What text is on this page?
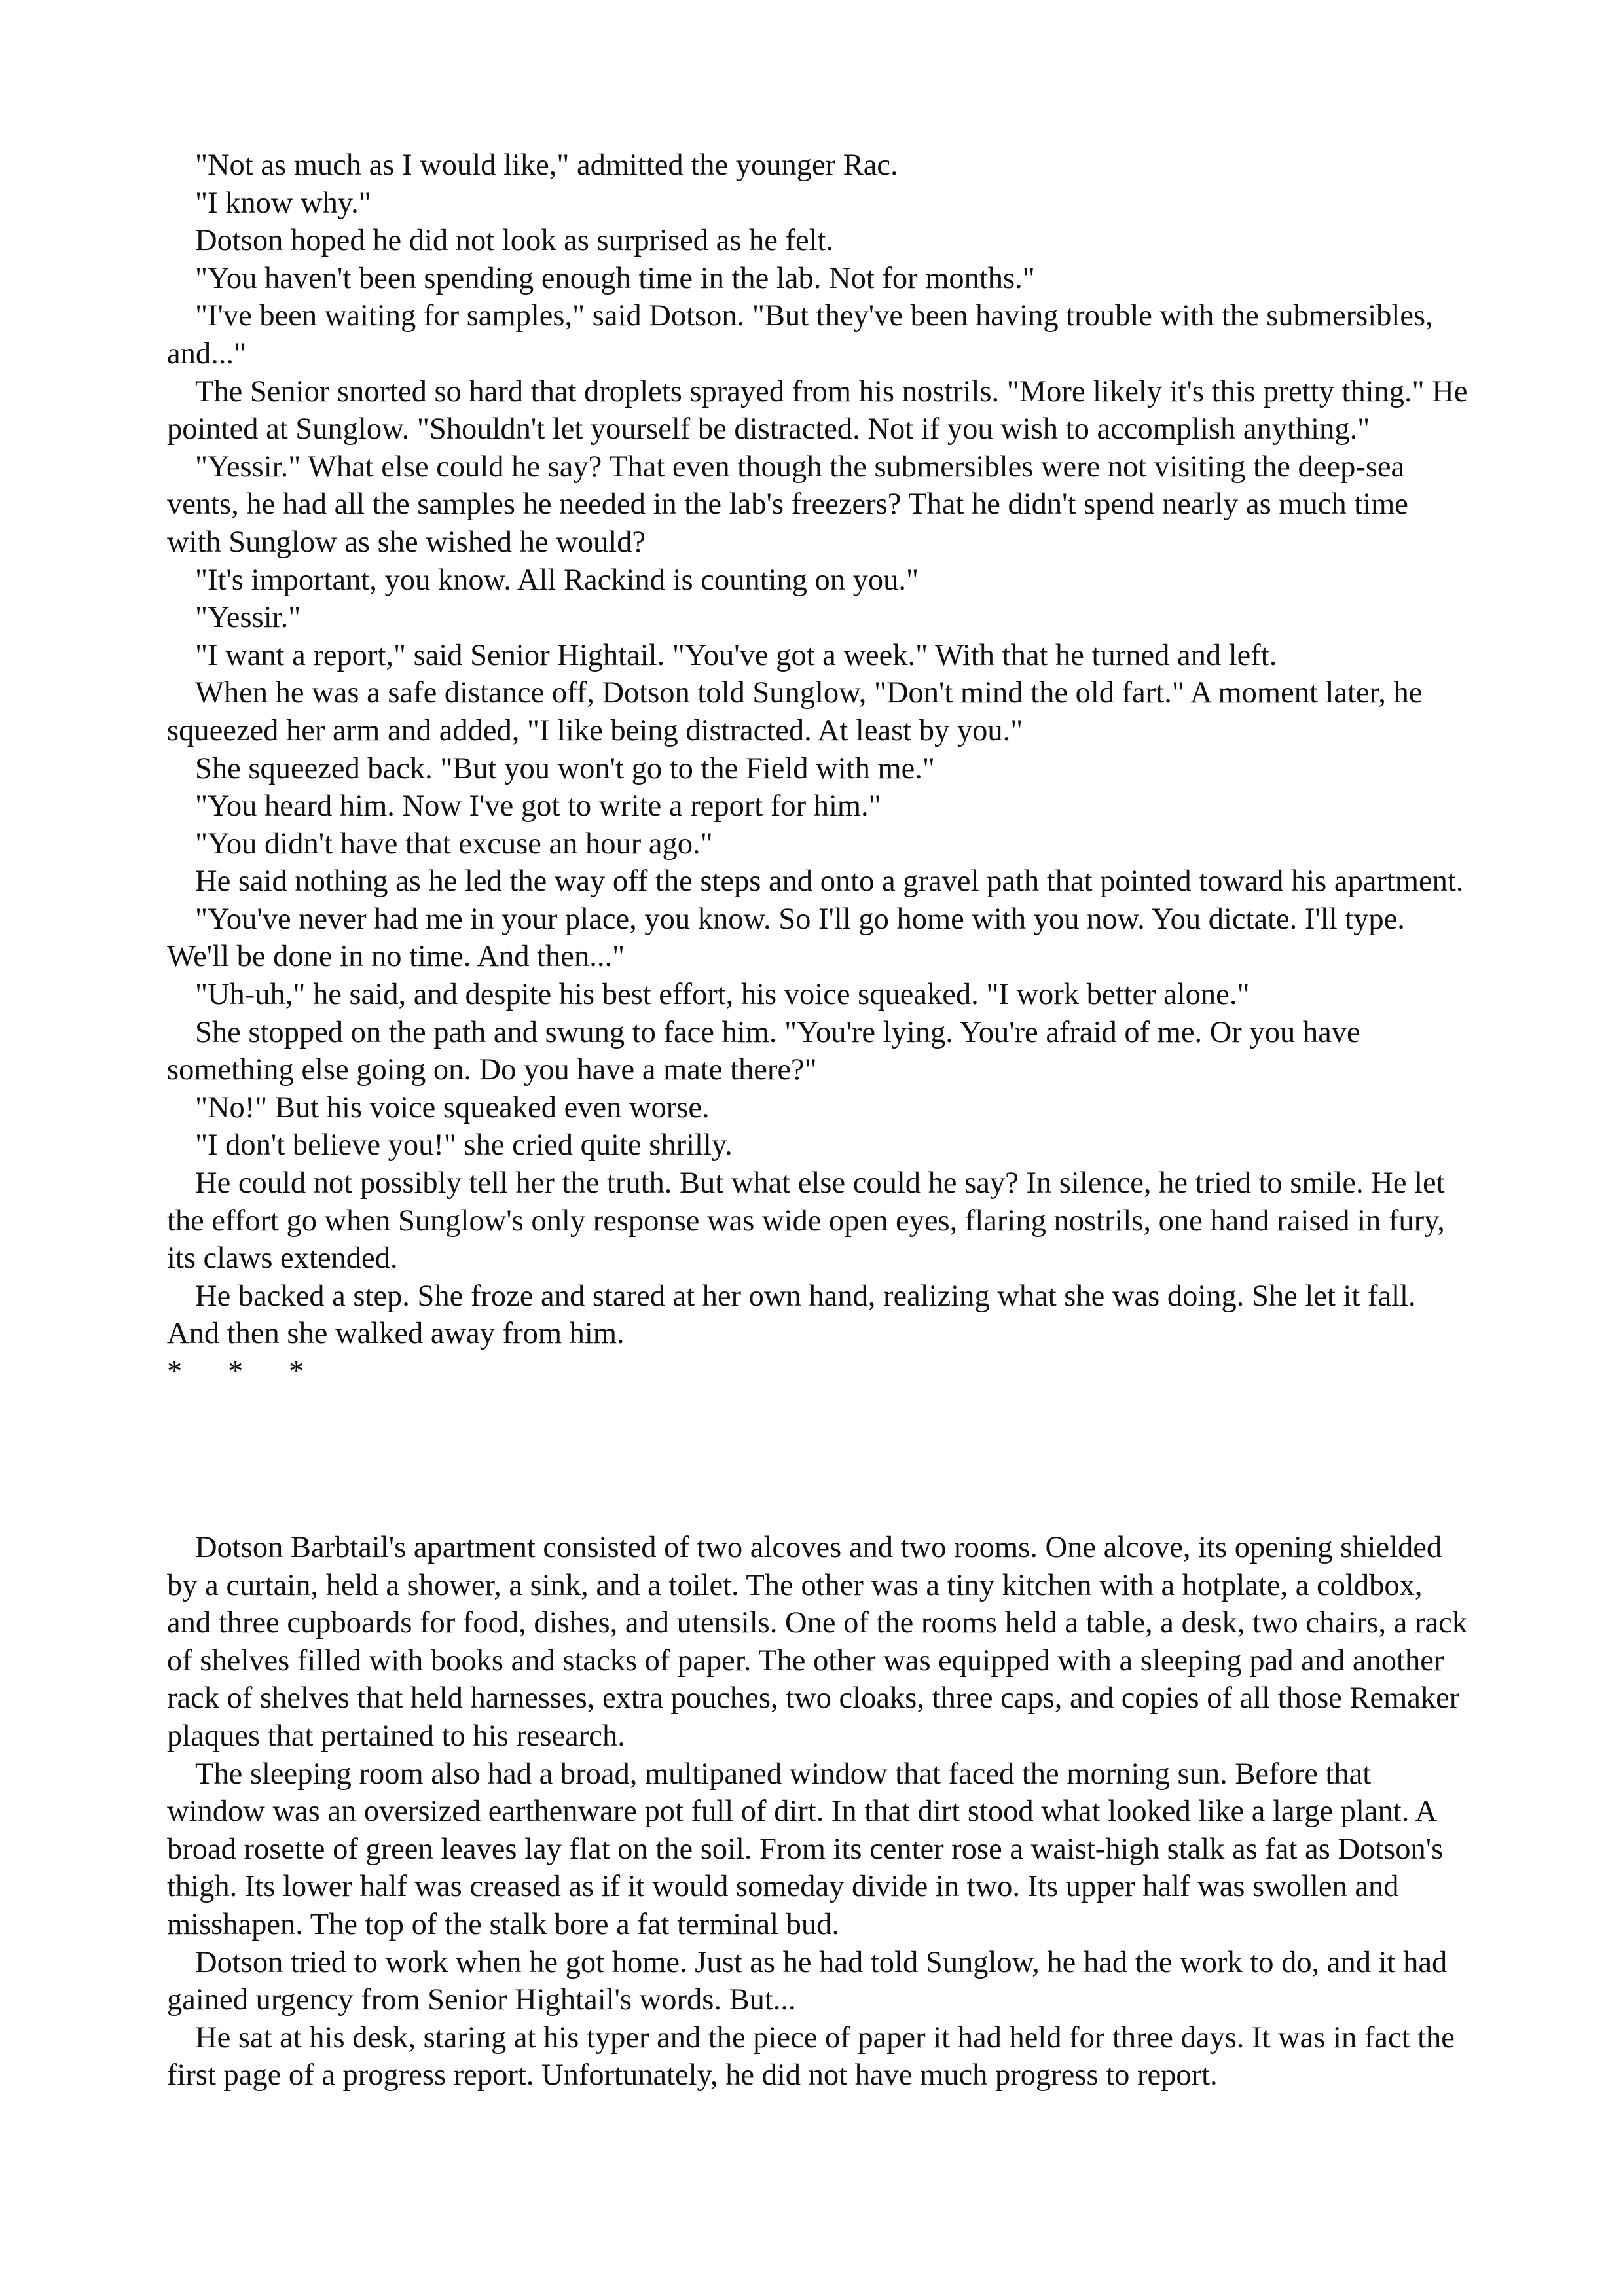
"Not as much as I would like," admitted the younger Rac.

"I know why."

Dotson hoped he did not look as surprised as he felt.

"You haven't been spending enough time in the lab. Not for months."

"I've been waiting for samples," said Dotson. "But they've been having trouble with the submersibles, and..."

The Senior snorted so hard that droplets sprayed from his nostrils. "More likely it's this pretty thing." He pointed at Sunglow. "Shouldn't let yourself be distracted. Not if you wish to accomplish anything."

"Yessir." What else could he say? That even though the submersibles were not visiting the deep-sea vents, he had all the samples he needed in the lab's freezers? That he didn't spend nearly as much time with Sunglow as she wished he would?

"It's important, you know. All Rackind is counting on you."

"Yessir."

"I want a report," said Senior Hightail. "You've got a week." With that he turned and left.

When he was a safe distance off, Dotson told Sunglow, "Don't mind the old fart." A moment later, he squeezed her arm and added, "I like being distracted. At least by you."

She squeezed back. "But you won't go to the Field with me."

"You heard him. Now I've got to write a report for him."

"You didn't have that excuse an hour ago."

He said nothing as he led the way off the steps and onto a gravel path that pointed toward his apartment.

"You've never had me in your place, you know. So I'll go home with you now. You dictate. I'll type. We'll be done in no time. And then..."

"Uh-uh," he said, and despite his best effort, his voice squeaked. "I work better alone."

She stopped on the path and swung to face him. "You're lying. You're afraid of me. Or you have something else going on. Do you have a mate there?"

"No!" But his voice squeaked even worse.

"I don't believe you!" she cried quite shrilly.

He could not possibly tell her the truth. But what else could he say? In silence, he tried to smile. He let the effort go when Sunglow's only response was wide open eyes, flaring nostrils, one hand raised in fury, its claws extended.

He backed a step. She froze and stared at her own hand, realizing what she was doing. She let it fall. And then she walked away from him.

*      *      *

Dotson Barbtail's apartment consisted of two alcoves and two rooms. One alcove, its opening shielded by a curtain, held a shower, a sink, and a toilet. The other was a tiny kitchen with a hotplate, a coldbox, and three cupboards for food, dishes, and utensils. One of the rooms held a table, a desk, two chairs, a rack of shelves filled with books and stacks of paper. The other was equipped with a sleeping pad and another rack of shelves that held harnesses, extra pouches, two cloaks, three caps, and copies of all those Remaker plaques that pertained to his research.

The sleeping room also had a broad, multipaned window that faced the morning sun. Before that window was an oversized earthenware pot full of dirt. In that dirt stood what looked like a large plant. A broad rosette of green leaves lay flat on the soil. From its center rose a waist-high stalk as fat as Dotson's thigh. Its lower half was creased as if it would someday divide in two. Its upper half was swollen and misshapen. The top of the stalk bore a fat terminal bud.

Dotson tried to work when he got home. Just as he had told Sunglow, he had the work to do, and it had gained urgency from Senior Hightail's words. But...

He sat at his desk, staring at his typer and the piece of paper it had held for three days. It was in fact the first page of a progress report. Unfortunately, he did not have much progress to report.
